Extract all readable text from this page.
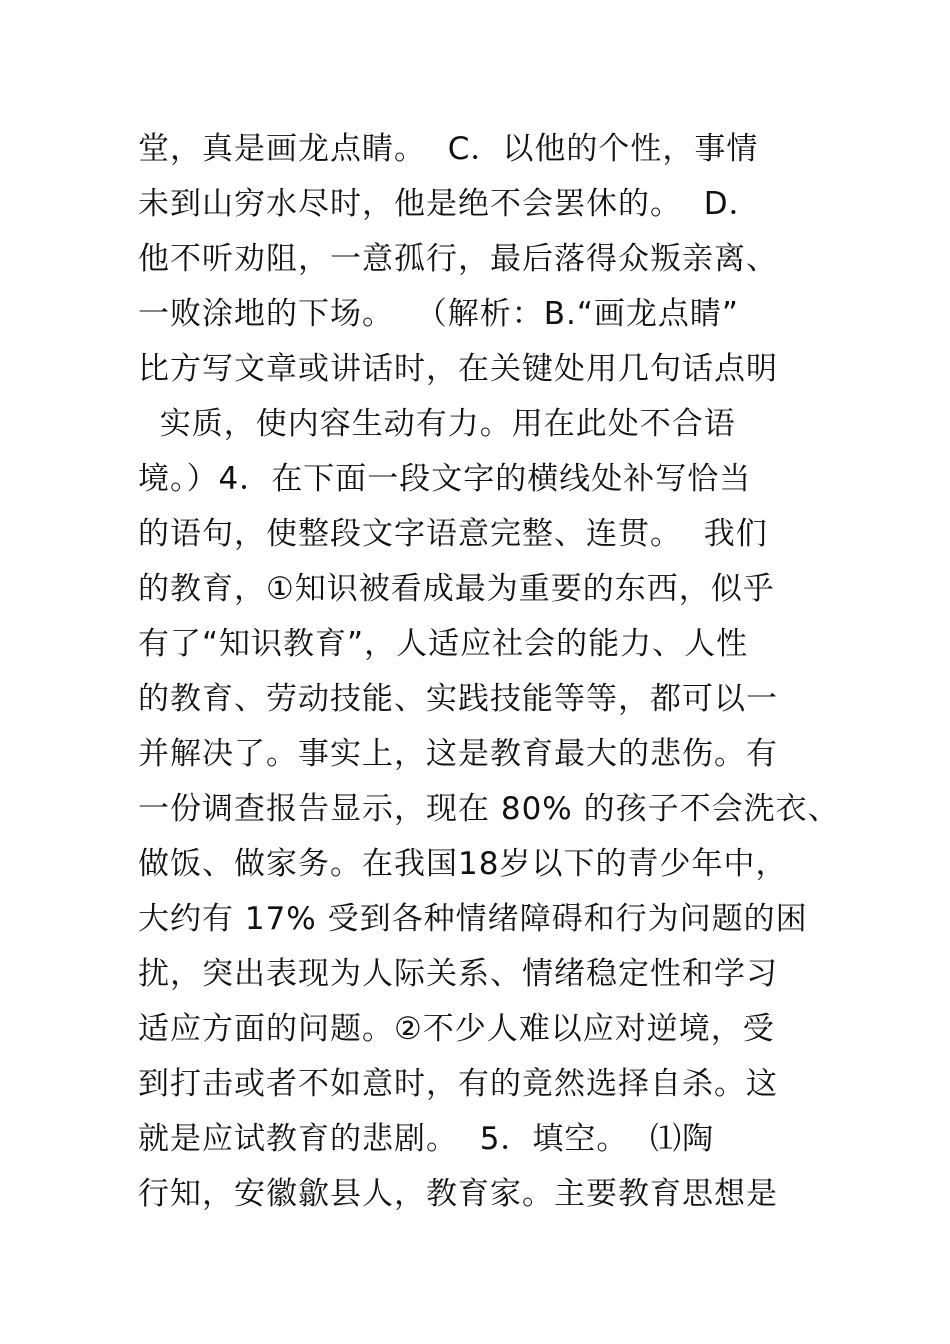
堂，真是画龙点睛。  C．以他的个性，事情
未到山穷水尽时，他是绝不会罢休的。  D．
他不听劝阻，一意孤行，最后落得众叛亲离、
一败涂地的下场。  （解析：B.“画龙点睛”
比方写文章或讲话时，在关键处用几句话点明
实质，使内容生动有力。用在此处不合语
境。）4．在下面一段文字的横线处补写恰当
的语句，使整段文字语意完整、连贯。  我们
的教育，①知识被看成最为重要的东西，似乎
有了“知识教育”，人适应社会的能力、人性
的教育、劳动技能、实践技能等等，都可以一
并解决了。事实上，这是教育最大的悲伤。有
一份调查报告显示，现在 80% 的孩子不会洗衣、
做饭、做家务。在我国18岁以下的青少年中，
大约有 17% 受到各种情绪障碍和行为问题的困
扰，突出表现为人际关系、情绪稳定性和学习
适应方面的问题。②不少人难以应对逆境，受
到打击或者不如意时，有的竟然选择自杀。这
就是应试教育的悲剧。  5．填空。  ⑴陶
行知，安徽歙县人，教育家。主要教育思想是
